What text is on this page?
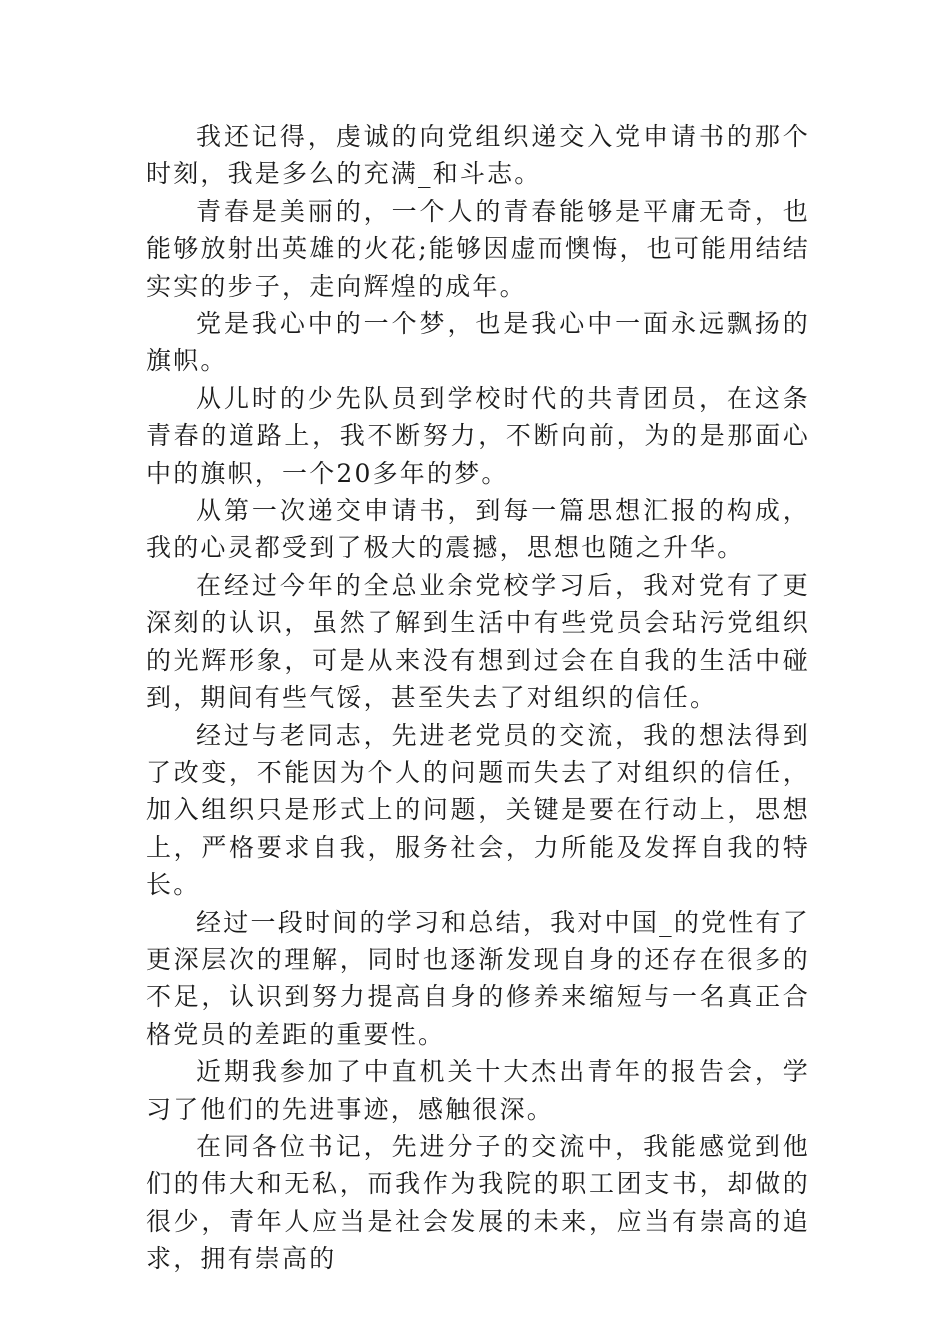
我还记得，虔诚的向党组织递交入党申请书的那个时刻，我是多么的充满_和斗志。

青春是美丽的，一个人的青春能够是平庸无奇，也能够放射出英雄的火花;能够因虚而懊悔，也可能用结结实实的步子，走向辉煌的成年。

党是我心中的一个梦，也是我心中一面永远飘扬的旗帜。

从儿时的少先队员到学校时代的共青团员，在这条青春的道路上，我不断努力，不断向前，为的是那面心中的旗帜，一个20多年的梦。

从第一次递交申请书，到每一篇思想汇报的构成，我的心灵都受到了极大的震撼，思想也随之升华。

在经过今年的全总业余党校学习后，我对党有了更深刻的认识，虽然了解到生活中有些党员会玷污党组织的光辉形象，可是从来没有想到过会在自我的生活中碰到，期间有些气馁，甚至失去了对组织的信任。

经过与老同志，先进老党员的交流，我的想法得到了改变，不能因为个人的问题而失去了对组织的信任，加入组织只是形式上的问题，关键是要在行动上，思想上，严格要求自我，服务社会，力所能及发挥自我的特长。

经过一段时间的学习和总结，我对中国_的党性有了更深层次的理解，同时也逐渐发现自身的还存在很多的不足，认识到努力提高自身的修养来缩短与一名真正合格党员的差距的重要性。

近期我参加了中直机关十大杰出青年的报告会，学习了他们的先进事迹，感触很深。

在同各位书记，先进分子的交流中，我能感觉到他们的伟大和无私，而我作为我院的职工团支书，却做的很少，青年人应当是社会发展的未来，应当有崇高的追求，拥有崇高的
